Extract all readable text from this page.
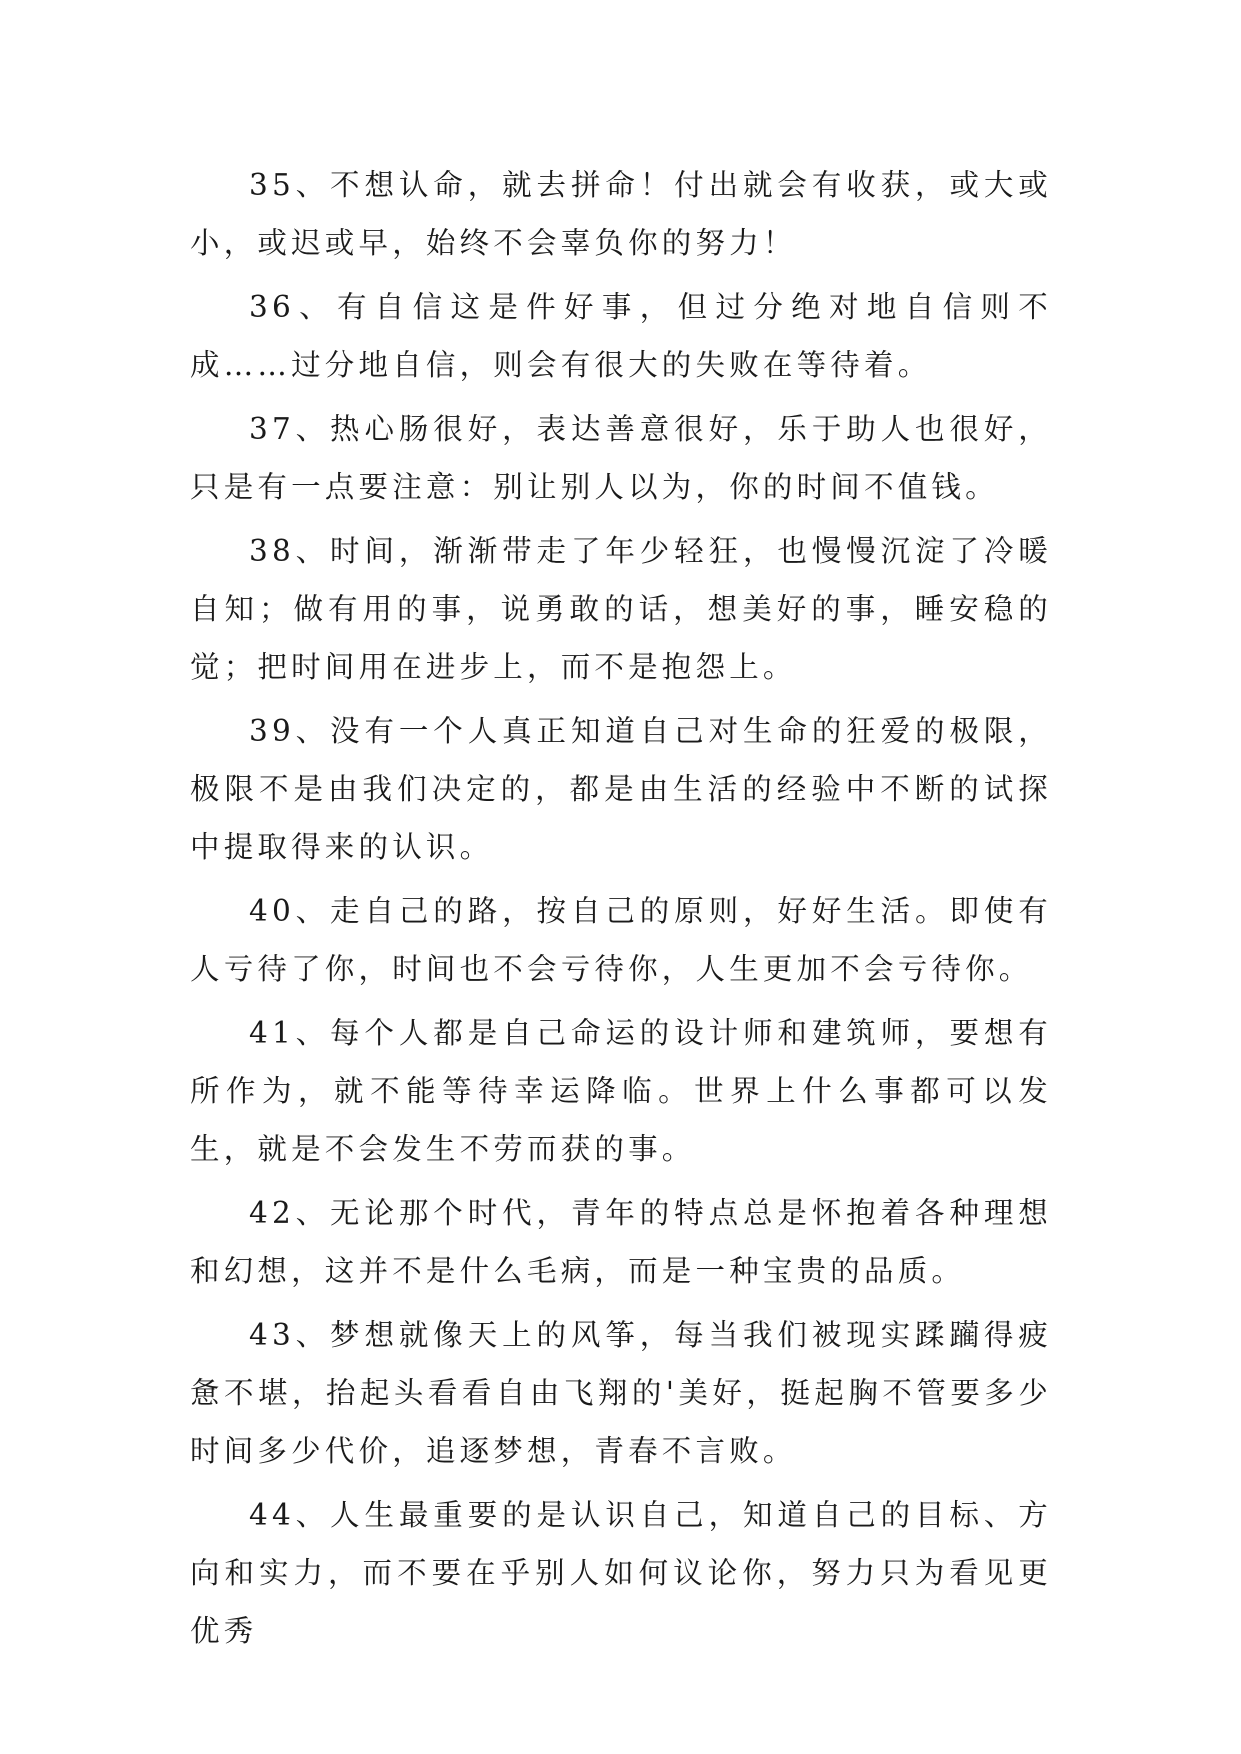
35、不想认命，就去拼命！付出就会有收获，或大或小，或迟或早，始终不会辜负你的努力！

36、有自信这是件好事，但过分绝对地自信则不成……过分地自信，则会有很大的失败在等待着。

37、热心肠很好，表达善意很好，乐于助人也很好，只是有一点要注意：别让别人以为，你的时间不值钱。

38、时间，渐渐带走了年少轻狂，也慢慢沉淀了冷暖自知；做有用的事，说勇敢的话，想美好的事，睡安稳的觉；把时间用在进步上，而不是抱怨上。

39、没有一个人真正知道自己对生命的狂爱的极限，极限不是由我们决定的，都是由生活的经验中不断的试探中提取得来的认识。

40、走自己的路，按自己的原则，好好生活。即使有人亏待了你，时间也不会亏待你，人生更加不会亏待你。

41、每个人都是自己命运的设计师和建筑师，要想有所作为，就不能等待幸运降临。世界上什么事都可以发生，就是不会发生不劳而获的事。

42、无论那个时代，青年的特点总是怀抱着各种理想和幻想，这并不是什么毛病，而是一种宝贵的品质。

43、梦想就像天上的风筝，每当我们被现实蹂躏得疲惫不堪，抬起头看看自由飞翔的'美好，挺起胸不管要多少时间多少代价，追逐梦想，青春不言败。

44、人生最重要的是认识自己，知道自己的目标、方向和实力，而不要在乎别人如何议论你，努力只为看见更优秀
